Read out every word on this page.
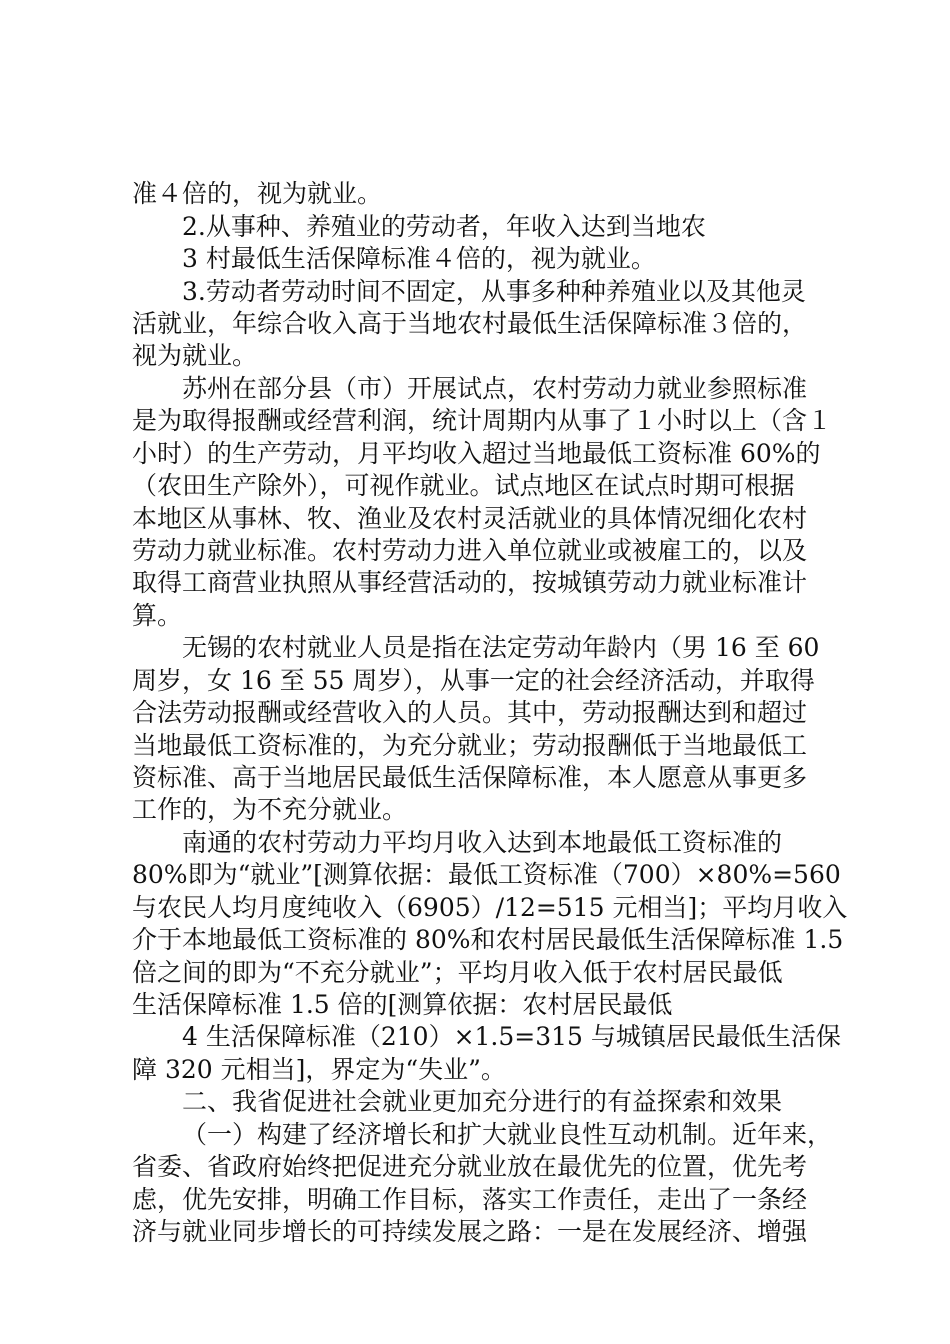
准４倍的，视为就业。
2.从事种、养殖业的劳动者，年收入达到当地农
3 村最低生活保障标准４倍的，视为就业。
3.劳动者劳动时间不固定，从事多种种养殖业以及其他灵
活就业，年综合收入高于当地农村最低生活保障标准３倍的，
视为就业。
苏州在部分县（市）开展试点，农村劳动力就业参照标准
是为取得报酬或经营利润，统计周期内从事了１小时以上（含１
小时）的生产劳动，月平均收入超过当地最低工资标准 60%的
（农田生产除外），可视作就业。试点地区在试点时期可根据
本地区从事林、牧、渔业及农村灵活就业的具体情况细化农村
劳动力就业标准。农村劳动力进入单位就业或被雇工的，以及
取得工商营业执照从事经营活动的，按城镇劳动力就业标准计
算。
无锡的农村就业人员是指在法定劳动年龄内（男 16 至 60
周岁，女 16 至 55 周岁），从事一定的社会经济活动，并取得
合法劳动报酬或经营收入的人员。其中，劳动报酬达到和超过
当地最低工资标准的，为充分就业；劳动报酬低于当地最低工
资标准、高于当地居民最低生活保障标准，本人愿意从事更多
工作的，为不充分就业。
南通的农村劳动力平均月收入达到本地最低工资标准的
80%即为“就业”[测算依据：最低工资标准（700）×80%=560
与农民人均月度纯收入（6905）/12=515 元相当]；平均月收入
介于本地最低工资标准的 80%和农村居民最低生活保障标准 1.5
倍之间的即为“不充分就业”；平均月收入低于农村居民最低
生活保障标准 1.5 倍的[测算依据：农村居民最低
4 生活保障标准（210）×1.5=315 与城镇居民最低生活保
障 320 元相当]，界定为“失业”。
二、我省促进社会就业更加充分进行的有益探索和效果
（一）构建了经济增长和扩大就业良性互动机制。近年来，
省委、省政府始终把促进充分就业放在最优先的位置，优先考
虑，优先安排，明确工作目标，落实工作责任，走出了一条经
济与就业同步增长的可持续发展之路：一是在发展经济、增强
